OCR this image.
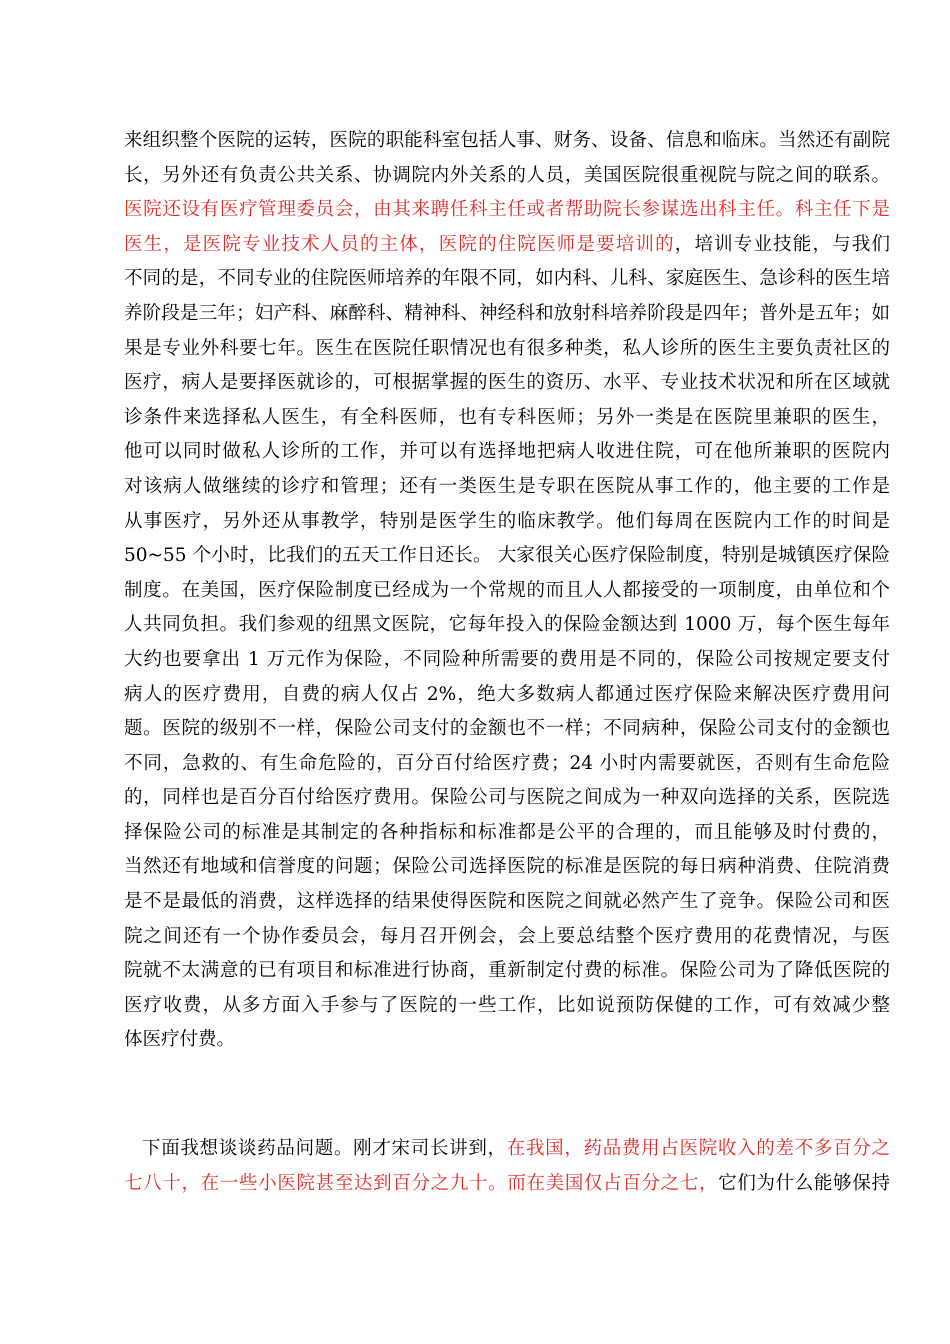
来组织整个医院的运转，医院的职能科室包括人事、财务、设备、信息和临床。当然还有副院
长，另外还有负责公共关系、协调院内外关系的人员，美国医院很重视院与院之间的联系。
医院还设有医疗管理委员会，由其来聘任科主任或者帮助院长参谋选出科主任。科主任下是
医生，是医院专业技术人员的主体，医院的住院医师是要培训的，培训专业技能，与我们
不同的是，不同专业的住院医师培养的年限不同，如内科、儿科、家庭医生、急诊科的医生培
养阶段是三年；妇产科、麻醉科、精神科、神经科和放射科培养阶段是四年；普外是五年；如
果是专业外科要七年。医生在医院任职情况也有很多种类，私人诊所的医生主要负责社区的
医疗，病人是要择医就诊的，可根据掌握的医生的资历、水平、专业技术状况和所在区域就
诊条件来选择私人医生，有全科医师，也有专科医师；另外一类是在医院里兼职的医生，
他可以同时做私人诊所的工作，并可以有选择地把病人收进住院，可在他所兼职的医院内
对该病人做继续的诊疗和管理；还有一类医生是专职在医院从事工作的，他主要的工作是
从事医疗，另外还从事教学，特别是医学生的临床教学。他们每周在医院内工作的时间是
50~55 个小时，比我们的五天工作日还长。 大家很关心医疗保险制度，特别是城镇医疗保险
制度。在美国，医疗保险制度已经成为一个常规的而且人人都接受的一项制度，由单位和个
人共同负担。我们参观的纽黑文医院，它每年投入的保险金额达到 1000 万，每个医生每年
大约也要拿出 1 万元作为保险，不同险种所需要的费用是不同的，保险公司按规定要支付
病人的医疗费用，自费的病人仅占 2%，绝大多数病人都通过医疗保险来解决医疗费用问
题。医院的级别不一样，保险公司支付的金额也不一样；不同病种，保险公司支付的金额也
不同，急救的、有生命危险的，百分百付给医疗费；24 小时内需要就医，否则有生命危险
的，同样也是百分百付给医疗费用。保险公司与医院之间成为一种双向选择的关系，医院选
择保险公司的标准是其制定的各种指标和标准都是公平的合理的，而且能够及时付费的，
当然还有地域和信誉度的问题；保险公司选择医院的标准是医院的每日病种消费、住院消费
是不是最低的消费，这样选择的结果使得医院和医院之间就必然产生了竞争。保险公司和医
院之间还有一个协作委员会，每月召开例会，会上要总结整个医疗费用的花费情况，与医
院就不太满意的已有项目和标准进行协商，重新制定付费的标准。保险公司为了降低医院的
医疗收费，从多方面入手参与了医院的一些工作，比如说预防保健的工作，可有效减少整
体医疗付费。
下面我想谈谈药品问题。刚才宋司长讲到，在我国，药品费用占医院收入的差不多百分之
七八十，在一些小医院甚至达到百分之九十。而在美国仅占百分之七，它们为什么能够保持
